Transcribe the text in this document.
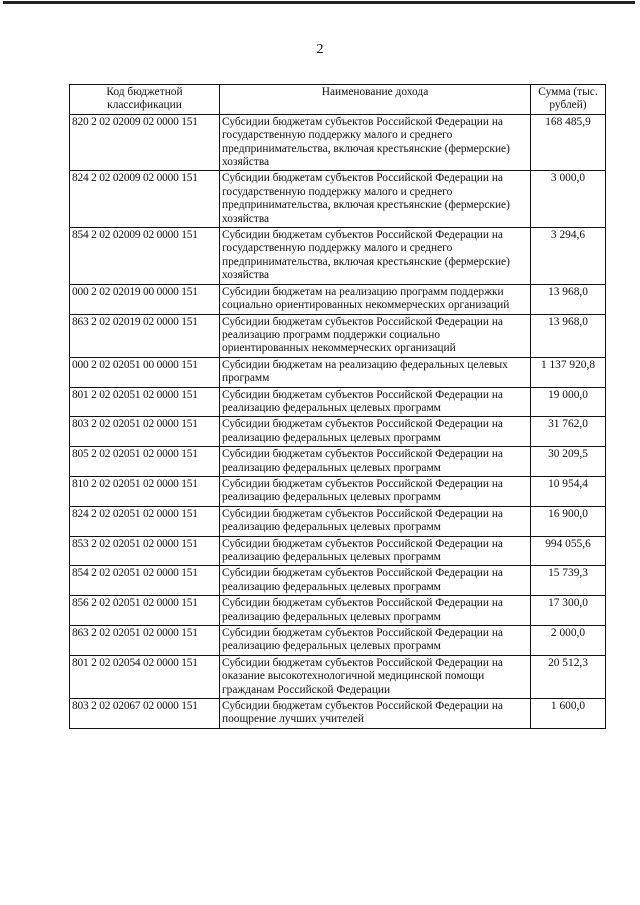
2
Код бюджетной классификации	Наименование дохода	Сумма (тыс. рублей)
820 2 02 02009 02 0000 151	Субсидии бюджетам субъектов Российской Федерации на государственную поддержку малого и среднего предпринимательства, включая крестьянские (фермерские) хозяйства	168 485,9
824 2 02 02009 02 0000 151	Субсидии бюджетам субъектов Российской Федерации на государственную поддержку малого и среднего предпринимательства, включая крестьянские (фермерские) хозяйства	3 000,0
854 2 02 02009 02 0000 151	Субсидии бюджетам субъектов Российской Федерации на государственную поддержку малого и среднего предпринимательства, включая крестьянские (фермерские) хозяйства	3 294,6
000 2 02 02019 00 0000 151	Субсидии бюджетам на реализацию программ поддержки социально ориентированных некоммерческих организаций	13 968,0
863 2 02 02019 02 0000 151	Субсидии бюджетам субъектов Российской Федерации на реализацию программ поддержки социально ориентированных некоммерческих организаций	13 968,0
000 2 02 02051 00 0000 151	Субсидии бюджетам на реализацию федеральных целевых программ	1 137 920,8
801 2 02 02051 02 0000 151	Субсидии бюджетам субъектов Российской Федерации на реализацию федеральных целевых программ	19 000,0
803 2 02 02051 02 0000 151	Субсидии бюджетам субъектов Российской Федерации на реализацию федеральных целевых программ	31 762,0
805 2 02 02051 02 0000 151	Субсидии бюджетам субъектов Российской Федерации на реализацию федеральных целевых программ	30 209,5
810 2 02 02051 02 0000 151	Субсидии бюджетам субъектов Российской Федерации на реализацию федеральных целевых программ	10 954,4
824 2 02 02051 02 0000 151	Субсидии бюджетам субъектов Российской Федерации на реализацию федеральных целевых программ	16 900,0
853 2 02 02051 02 0000 151	Субсидии бюджетам субъектов Российской Федерации на реализацию федеральных целевых программ	994 055,6
854 2 02 02051 02 0000 151	Субсидии бюджетам субъектов Российской Федерации на реализацию федеральных целевых программ	15 739,3
856 2 02 02051 02 0000 151	Субсидии бюджетам субъектов Российской Федерации на реализацию федеральных целевых программ	17 300,0
863 2 02 02051 02 0000 151	Субсидии бюджетам субъектов Российской Федерации на реализацию федеральных целевых программ	2 000,0
801 2 02 02054 02 0000 151	Субсидии бюджетам субъектов Российской Федерации на оказание высокотехнологичной медицинской помощи гражданам Российской Федерации	20 512,3
803 2 02 02067 02 0000 151	Субсидии бюджетам субъектов Российской Федерации на поощрение лучших учителей	1 600,0
